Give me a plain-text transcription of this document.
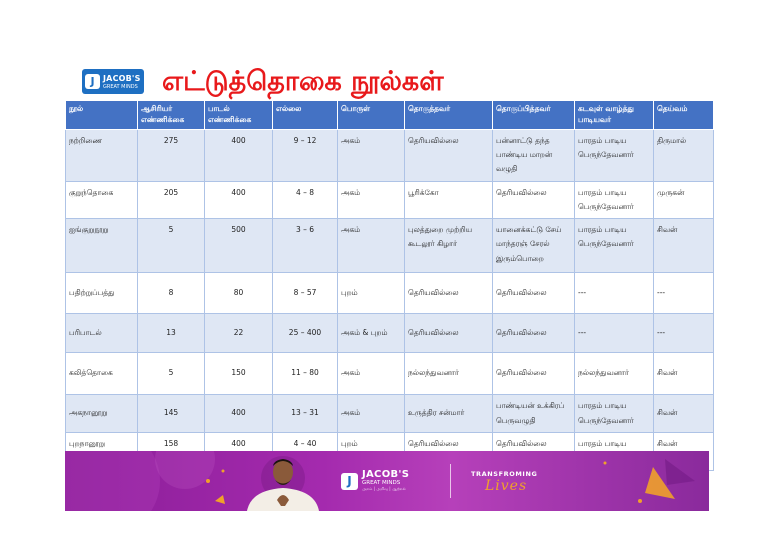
J	JACOB'S
GREAT MINDS எட்டுத்தொகை நூல்கள்
நூல்	ஆசிரியர் எண்ணிக்கை	பாடல் எண்ணிக்கை	எல்லை	பொருள்	தொகுத்தவர்	தொகுப்பித்தவர்	கடவுள் வாழ்த்து பாடியவர்	தெய்வம்
நற்றிணை	275	400	9 – 12	அகம்	தெரியவில்லை	பன்னாட்டு தந்த பாண்டிய மாறன் வழுதி	பாரதம் பாடிய பெருந்தேவனார்	திருமால்
குறுந்தொகை	205	400	4 – 8	அகம்	பூரிக்கோ	தெரியவில்லை	பாரதம் பாடிய பெருந்தேவனார்	முருகன்
ஐங்குறுநூறு	5	500	3 – 6	அகம்	புலத்துறை முற்றிய கூடலூர் கிழார்	யானைக்கட்டு சேய் மாந்தரஞ் சேரல் இரும்பொறை	பாரதம் பாடிய பெருந்தேவனார்	சிவன்
பதிற்றுப்பத்து	8	80	8 – 57	புறம்	தெரியவில்லை	தெரியவில்லை	---	---
பரிபாடல்	13	22	25 – 400	அகம் & புறம்	தெரியவில்லை	தெரியவில்லை	---	---
கலித்தொகை	5	150	11 – 80	அகம்	நல்லந்துவனார்	தெரியவில்லை	நல்லந்துவனார்	சிவன்
அகநானூறு	145	400	13 – 31	அகம்	உருத்திர சன்மார்	பாண்டியன் உக்கிரப் பெருவழுதி	பாரதம் பாடிய பெருந்தேவனார்	சிவன்
புறநானூறு	158	400	4 – 40	புறம்	தெரியவில்லை	தெரியவில்லை	பாரதம் பாடிய	சிவன்
J	JACOB'S
GREAT MINDS
அறம் | அறிவு | ஆற்றல்
TRANSFROMING
Lives
